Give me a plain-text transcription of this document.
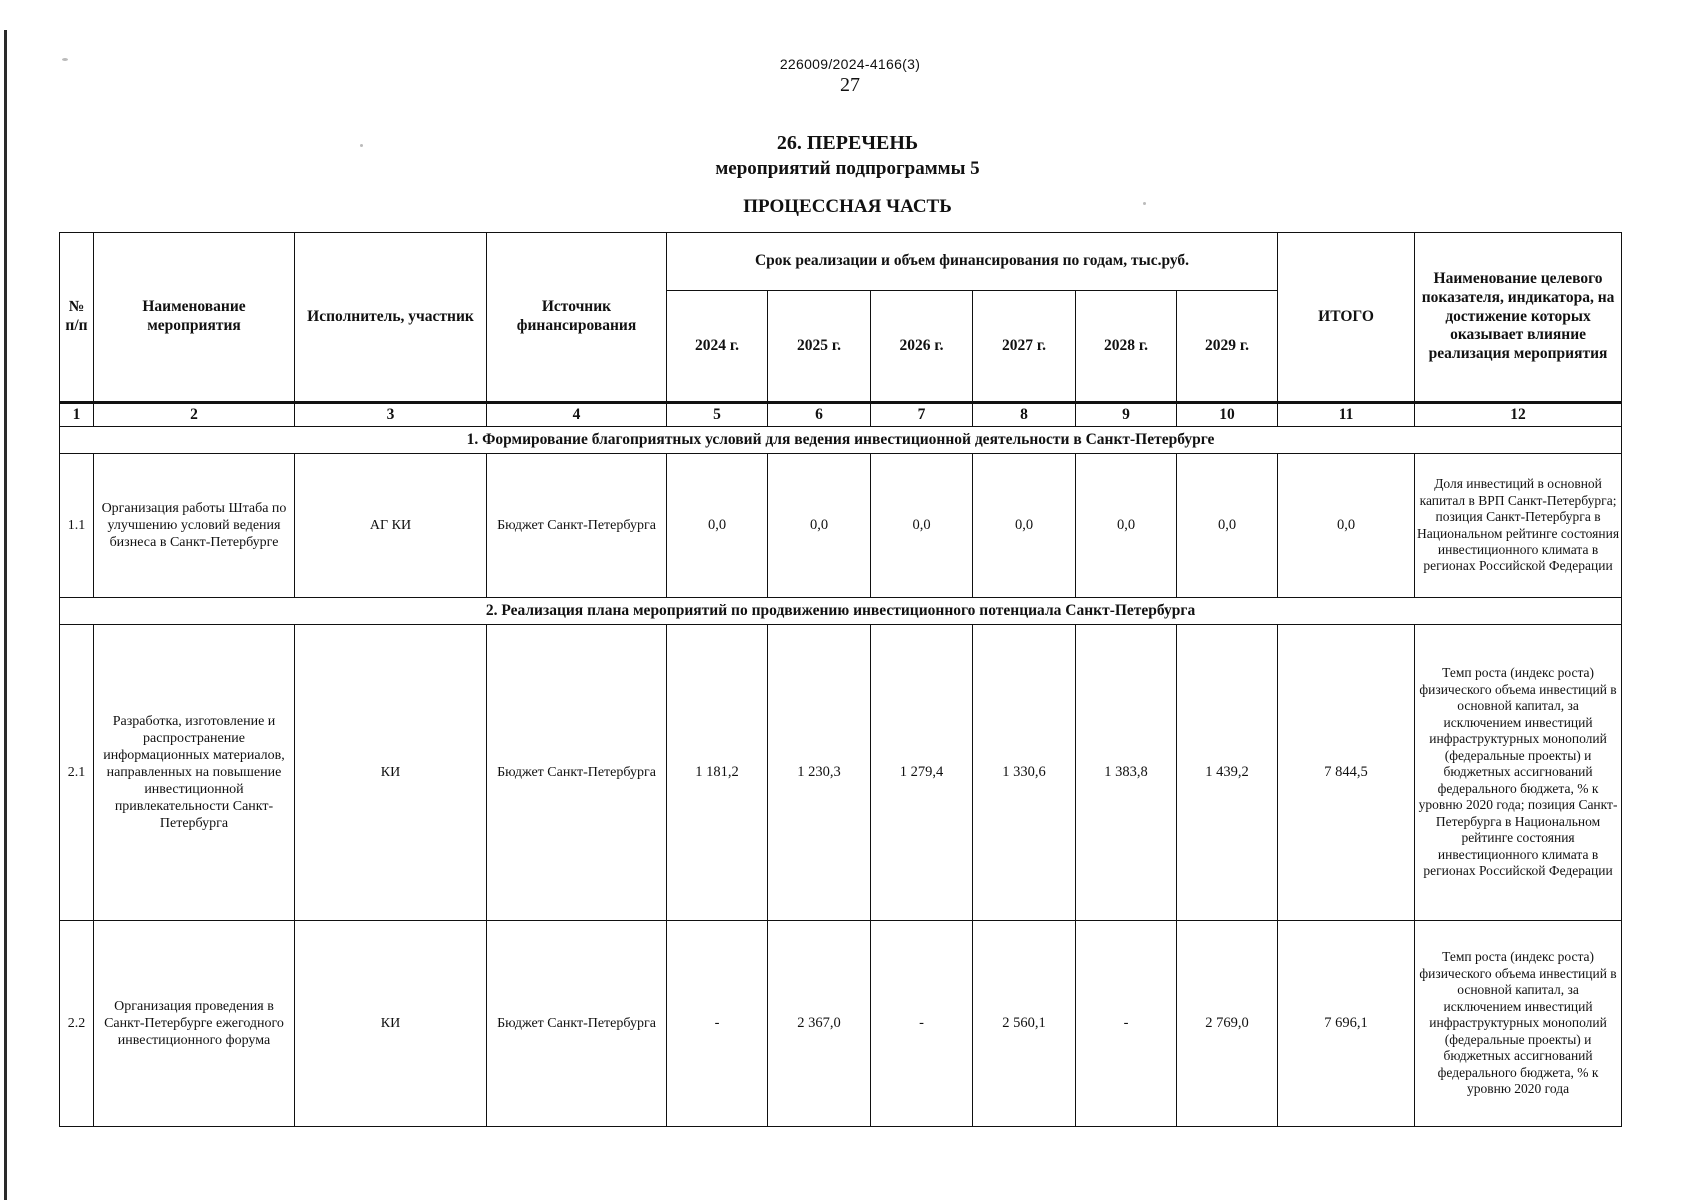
226009/2024-4166(3)
27
26. ПЕРЕЧЕНЬ
мероприятий подпрограммы 5
ПРОЦЕССНАЯ ЧАСТЬ
№ п/п	Наименование мероприятия	Исполнитель, участник	Источник финансирования	Срок реализации и объем финансирования по годам, тыс.руб.						ИТОГО	Наименование целевого показателя, индикатора, на достижение которых оказывает влияние реализация мероприятия
				2024 г.	2025 г.	2026 г.	2027 г.	2028 г.	2029 г.		
1	2	3	4	5	6	7	8	9	10	11	12
1. Формирование благоприятных условий для ведения инвестиционной деятельности в Санкт-Петербурге											
1.1	Организация работы Штаба по улучшению условий ведения бизнеса в Санкт-Петербурге	АГ КИ	Бюджет Санкт-Петербурга	0,0	0,0	0,0	0,0	0,0	0,0	0,0	Доля инвестиций в основной капитал в ВРП Санкт-Петербурга; позиция Санкт-Петербурга в Национальном рейтинге состояния инвестиционного климата в регионах Российской Федерации
2. Реализация плана мероприятий по продвижению инвестиционного потенциала Санкт-Петербурга											
2.1	Разработка, изготовление и распространение информационных материалов, направленных на повышение инвестиционной привлекательности Санкт-Петербурга	КИ	Бюджет Санкт-Петербурга	1 181,2	1 230,3	1 279,4	1 330,6	1 383,8	1 439,2	7 844,5	Темп роста (индекс роста) физического объема инвестиций в основной капитал, за исключением инвестиций инфраструктурных монополий (федеральные проекты) и бюджетных ассигнований федерального бюджета, % к уровню 2020 года; позиция Санкт-Петербурга в Национальном рейтинге состояния инвестиционного климата в регионах Российской Федерации
2.2	Организация проведения в Санкт-Петербурге ежегодного инвестиционного форума	КИ	Бюджет Санкт-Петербурга	-	2 367,0	-	2 560,1	-	2 769,0	7 696,1	Темп роста (индекс роста) физического объема инвестиций в основной капитал, за исключением инвестиций инфраструктурных монополий (федеральные проекты) и бюджетных ассигнований федерального бюджета, % к уровню 2020 года
